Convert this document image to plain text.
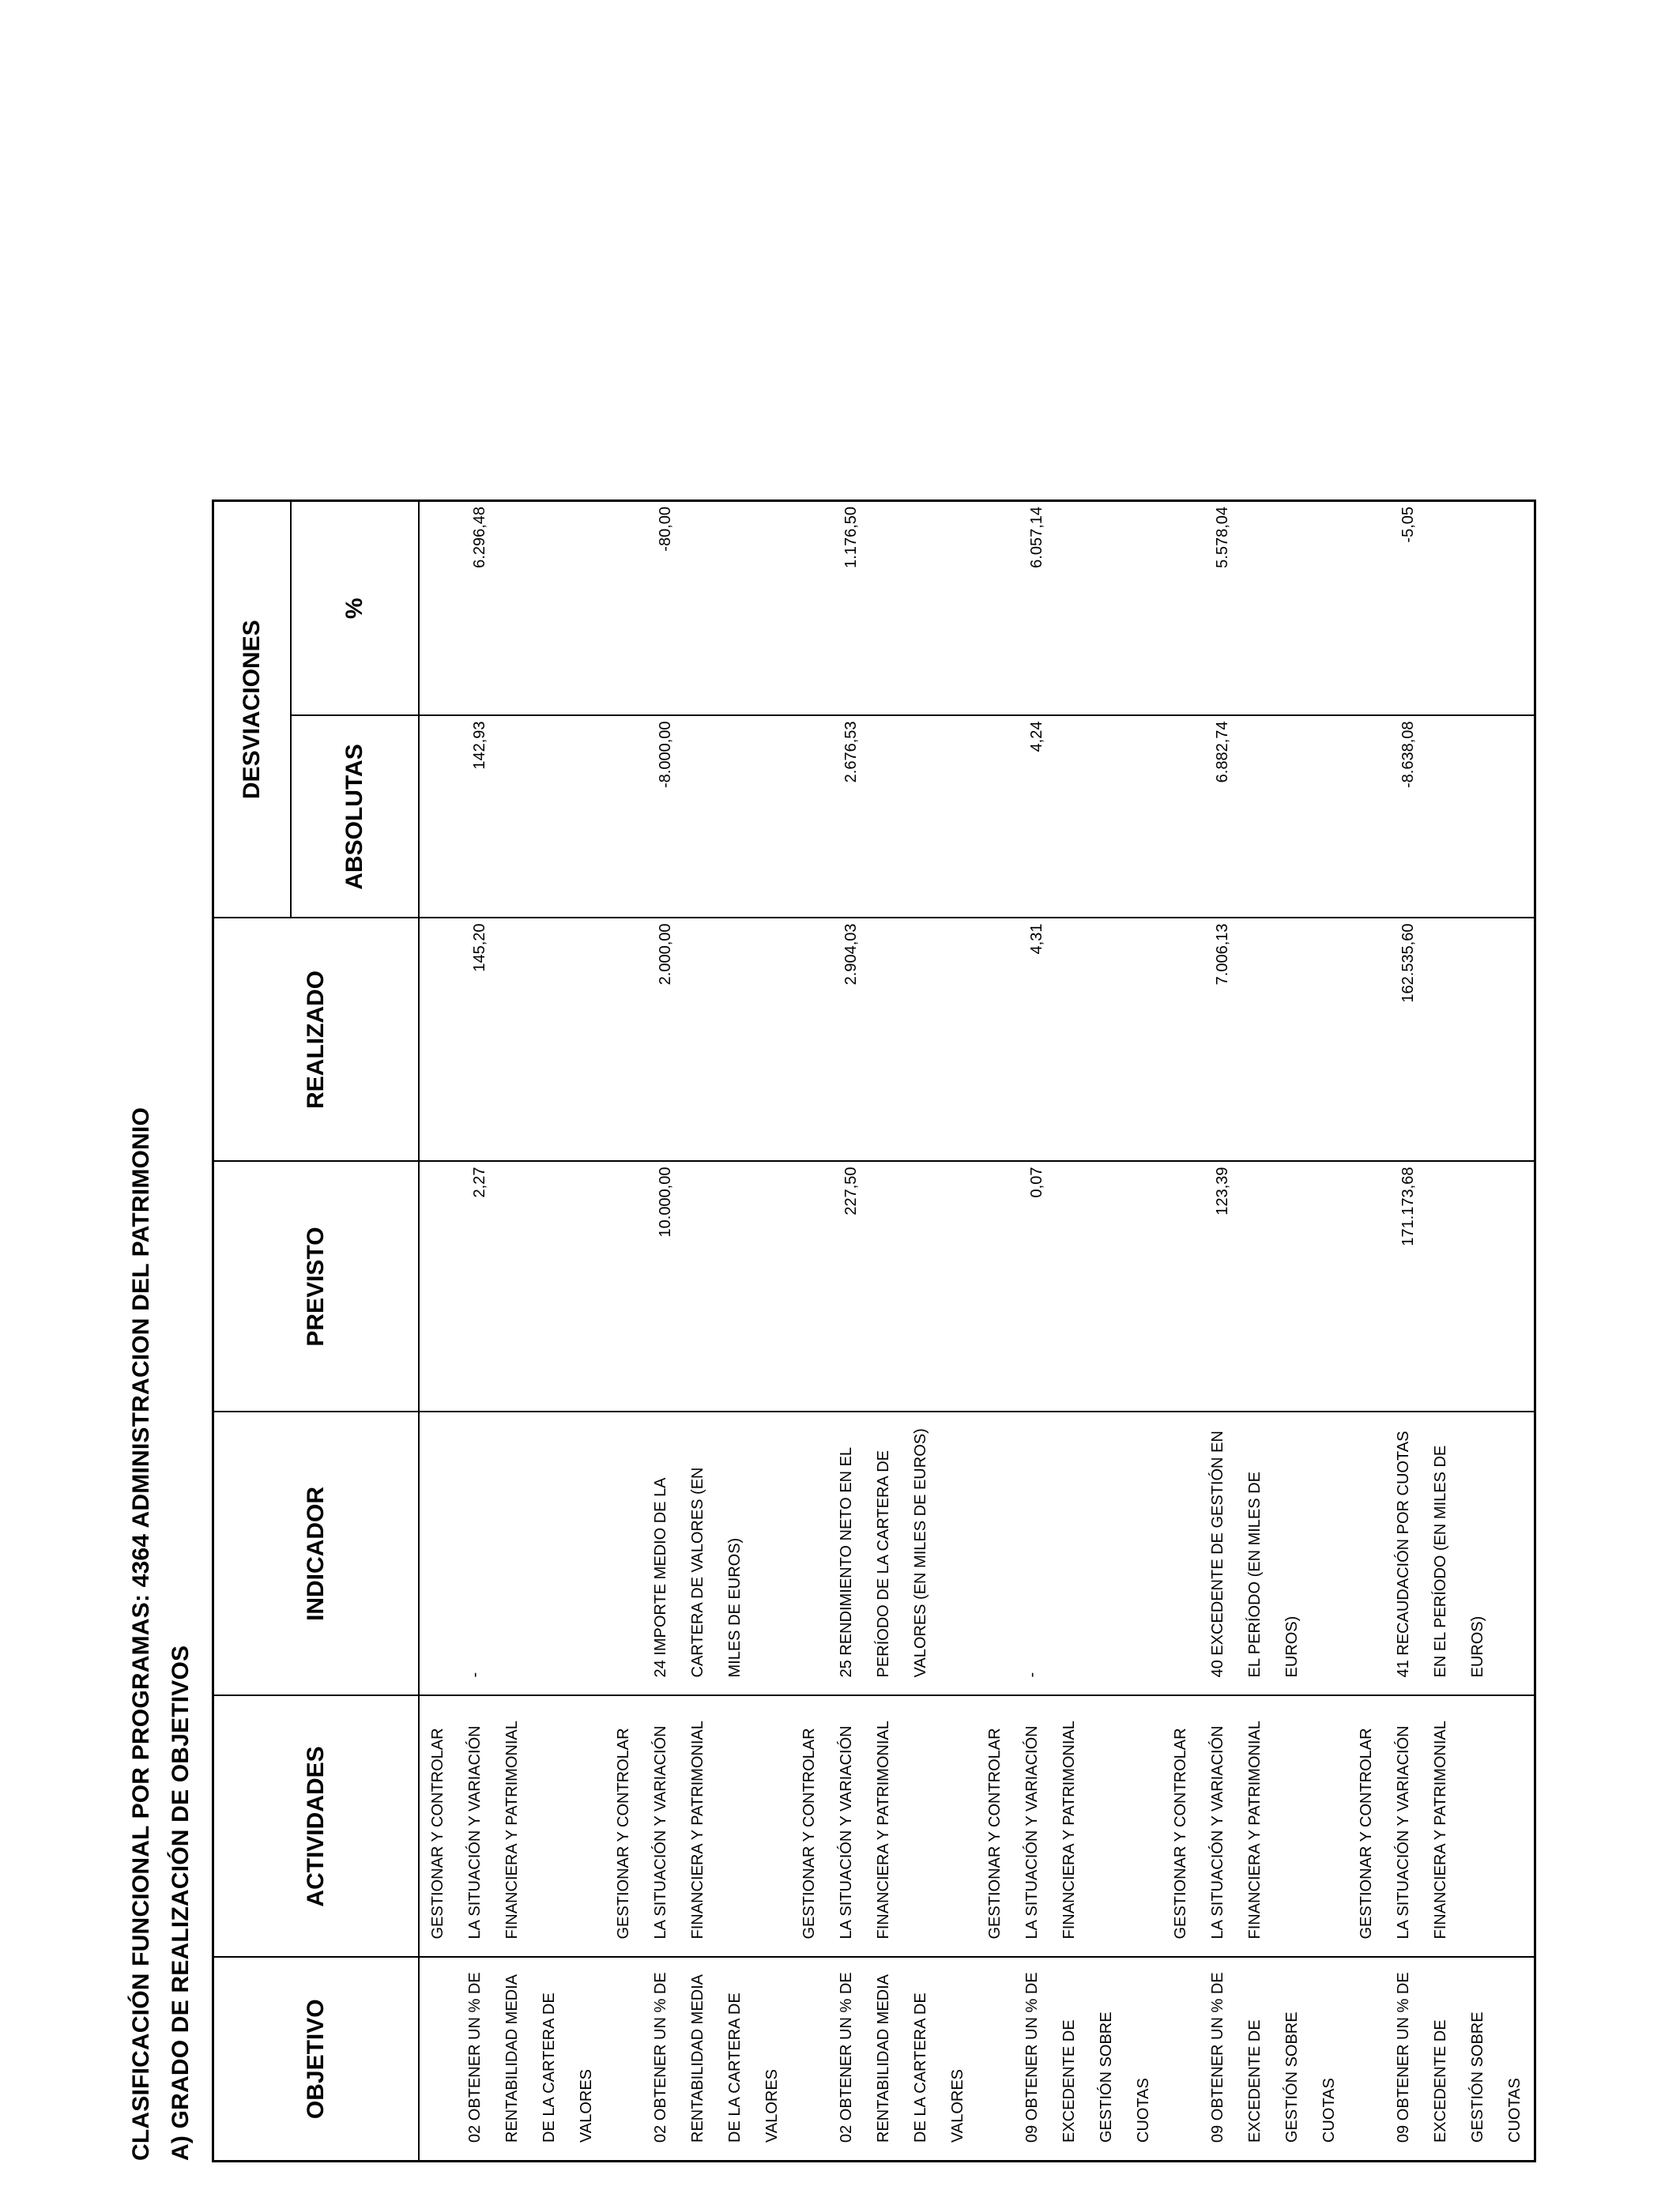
CLASIFICACIÓN FUNCIONAL POR PROGRAMAS: 4364 ADMINISTRACION DEL PATRIMONIO A) GRADO DE REALIZACIÓN DE OBJETIVOS	OBJETIVO	ACTIVIDADES	INDICADOR	PREVISTO	REALIZADO	DESVIACIONES	
					ABSOLUTAS	%
02 OBTENER UN % DE RENTABILIDAD MEDIA DE LA CARTERA DE VALORES	GESTIONAR Y CONTROLAR LA SITUACIÓN Y VARIACIÓN FINANCIERA Y PATRIMONIAL	-	2,27	145,20	142,93	6.296,48
02 OBTENER UN % DE RENTABILIDAD MEDIA DE LA CARTERA DE VALORES	GESTIONAR Y CONTROLAR LA SITUACIÓN Y VARIACIÓN FINANCIERA Y PATRIMONIAL	24 IMPORTE MEDIO DE LA CARTERA DE VALORES (EN MILES DE EUROS)	10.000,00	2.000,00	-8.000,00	-80,00
02 OBTENER UN % DE RENTABILIDAD MEDIA DE LA CARTERA DE VALORES	GESTIONAR Y CONTROLAR LA SITUACIÓN Y VARIACIÓN FINANCIERA Y PATRIMONIAL	25 RENDIMIENTO NETO EN EL PERÍODO DE LA CARTERA DE VALORES (EN MILES DE EUROS)	227,50	2.904,03	2.676,53	1.176,50
09 OBTENER UN % DE EXCEDENTE DE GESTIÓN SOBRE CUOTAS	GESTIONAR Y CONTROLAR LA SITUACIÓN Y VARIACIÓN FINANCIERA Y PATRIMONIAL	-	0,07	4,31	4,24	6.057,14
09 OBTENER UN % DE EXCEDENTE DE GESTIÓN SOBRE CUOTAS	GESTIONAR Y CONTROLAR LA SITUACIÓN Y VARIACIÓN FINANCIERA Y PATRIMONIAL	40 EXCEDENTE DE GESTIÓN EN EL PERÍODO (EN MILES DE EUROS)	123,39	7.006,13	6.882,74	5.578,04
09 OBTENER UN % DE EXCEDENTE DE GESTIÓN SOBRE CUOTAS	GESTIONAR Y CONTROLAR LA SITUACIÓN Y VARIACIÓN FINANCIERA Y PATRIMONIAL	41 RECAUDACIÓN POR CUOTAS EN EL PERÍODO (EN MILES DE EUROS)	171.173,68	162.535,60	-8.638,08	-5,05
